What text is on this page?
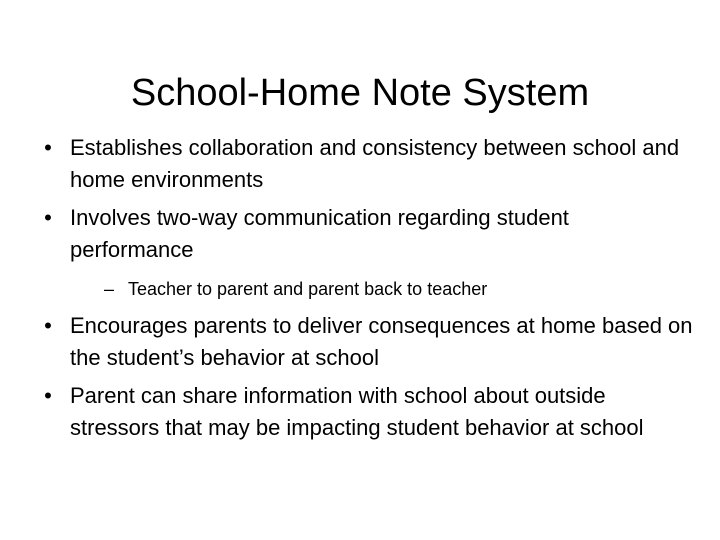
School-Home Note System
• Establishes collaboration and consistency between school and home environments
• Involves two-way communication regarding student performance
– Teacher to parent and parent back to teacher
• Encourages parents to deliver consequences at home based on the student’s behavior at school
• Parent can share information with school about outside stressors that may be impacting student behavior at school
